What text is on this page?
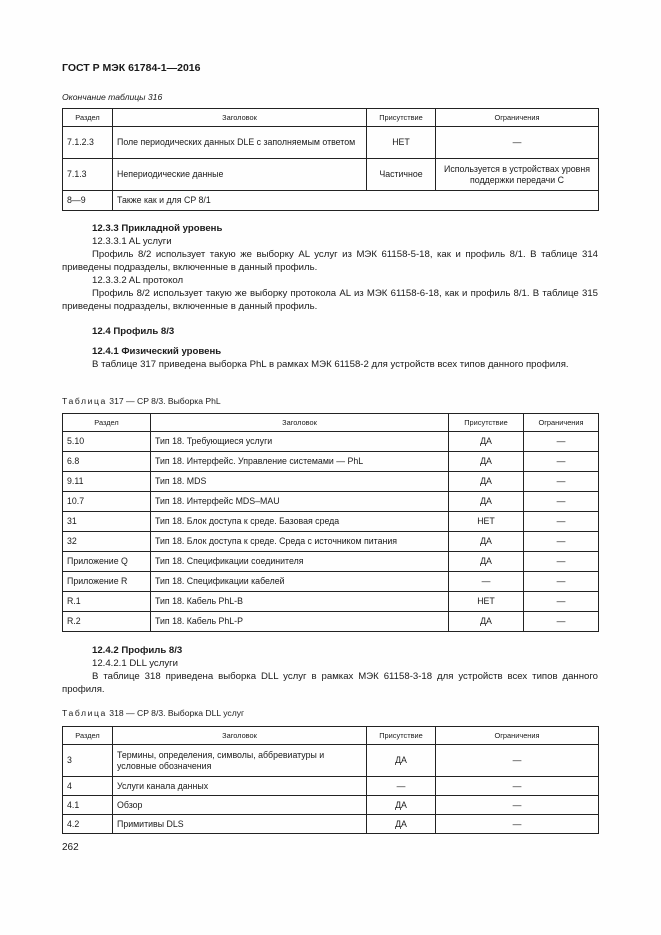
ГОСТ Р МЭК 61784-1—2016
Окончание таблицы 316
Раздел	Заголовок	Присутствие	Ограничения
7.1.2.3	Поле периодических данных DLE с заполняемым ответом	НЕТ	—
7.1.3	Непериодические данные	Частичное	Используется в устройствах уровня поддержки передачи С
8—9	Также как и для CP 8/1		
12.3.3 Прикладной уровень
12.3.3.1 AL услуги
Профиль 8/2 использует такую же выборку AL услуг из МЭК 61158-5-18, как и профиль 8/1. В таблице 314 приведены подразделы, включенные в данный профиль.
12.3.3.2 AL протокол
Профиль 8/2 использует такую же выборку протокола AL из МЭК 61158-6-18, как и профиль 8/1. В таблице 315 приведены подразделы, включенные в данный профиль.
12.4 Профиль 8/3
12.4.1 Физический уровень
В таблице 317 приведена выборка PhL в рамках МЭК 61158-2 для устройств всех типов данного профиля.
Таблица 317 — CP 8/3. Выборка PhL
Раздел	Заголовок	Присутствие	Ограничения
5.10	Тип 18. Требующиеся услуги	ДА	—
6.8	Тип 18. Интерфейс. Управление системами — PhL	ДА	—
9.11	Тип 18. MDS	ДА	—
10.7	Тип 18. Интерфейс MDS–MAU	ДА	—
31	Тип 18. Блок доступа к среде. Базовая среда	НЕТ	—
32	Тип 18. Блок доступа к среде. Среда с источником питания	ДА	—
Приложение Q	Тип 18. Спецификации соединителя	ДА	—
Приложение R	Тип 18. Спецификации кабелей	—	—
R.1	Тип 18. Кабель PhL-B	НЕТ	—
R.2	Тип 18. Кабель PhL-P	ДА	—
12.4.2 Профиль 8/3
12.4.2.1 DLL услуги
В таблице 318 приведена выборка DLL услуг в рамках МЭК 61158-3-18 для устройств всех типов данного профиля.
Таблица 318 — CP 8/3. Выборка DLL услуг
Раздел	Заголовок	Присутствие	Ограничения
3	Термины, определения, символы, аббревиатуры и условные обозначения	ДА	—
4	Услуги канала данных	—	—
4.1	Обзор	ДА	—
4.2	Примитивы DLS	ДА	—
262
